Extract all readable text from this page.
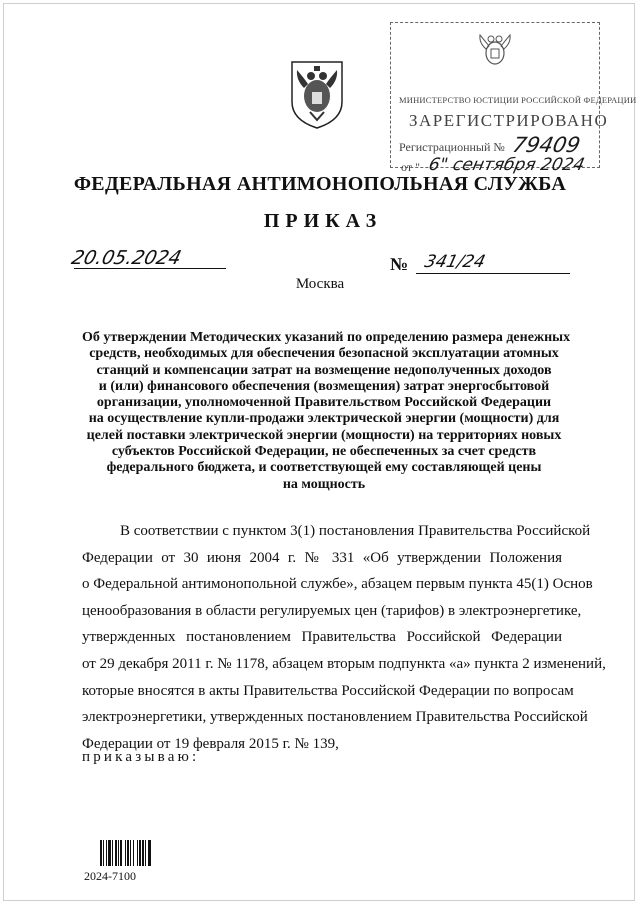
МИНИСТЕРСТВО ЮСТИЦИИ РОССИЙСКОЙ ФЕДЕРАЦИИ
ЗАРЕГИСТРИРОВАНО
Регистрационный № 79409
от " 6" сентября 2024
ФЕДЕРАЛЬНАЯ АНТИМОНОПОЛЬНАЯ СЛУЖБА
ПРИКАЗ
20.05.2024	№ 341/24
Москва
Об утверждении Методических указаний по определению размера денежных
средств, необходимых для обеспечения безопасной эксплуатации атомных
станций и компенсации затрат на возмещение недополученных доходов
и (или) финансового обеспечения (возмещения) затрат энергосбытовой
организации, уполномоченной Правительством Российской Федерации
на осуществление купли-продажи электрической энергии (мощности) для
целей поставки электрической энергии (мощности) на территориях новых
субъектов Российской Федерации, не обеспеченных за счет средств
федерального бюджета, и соответствующей ему составляющей цены
на мощность
В соответствии с пунктом 3(1) постановления Правительства Российской
Федерации от 30 июня 2004 г. № 331 «Об утверждении Положения
о Федеральной антимонопольной службе», абзацем первым пункта 45(1) Основ
ценообразования в области регулируемых цен (тарифов) в электроэнергетике,
утвержденных постановлением Правительства Российской Федерации
от 29 декабря 2011 г. № 1178, абзацем вторым подпункта «а» пункта 2 изменений,
которые вносятся в акты Правительства Российской Федерации по вопросам
электроэнергетики, утвержденных постановлением Правительства Российской
Федерации от 19 февраля 2015 г. № 139,
приказываю:
2024-7100
